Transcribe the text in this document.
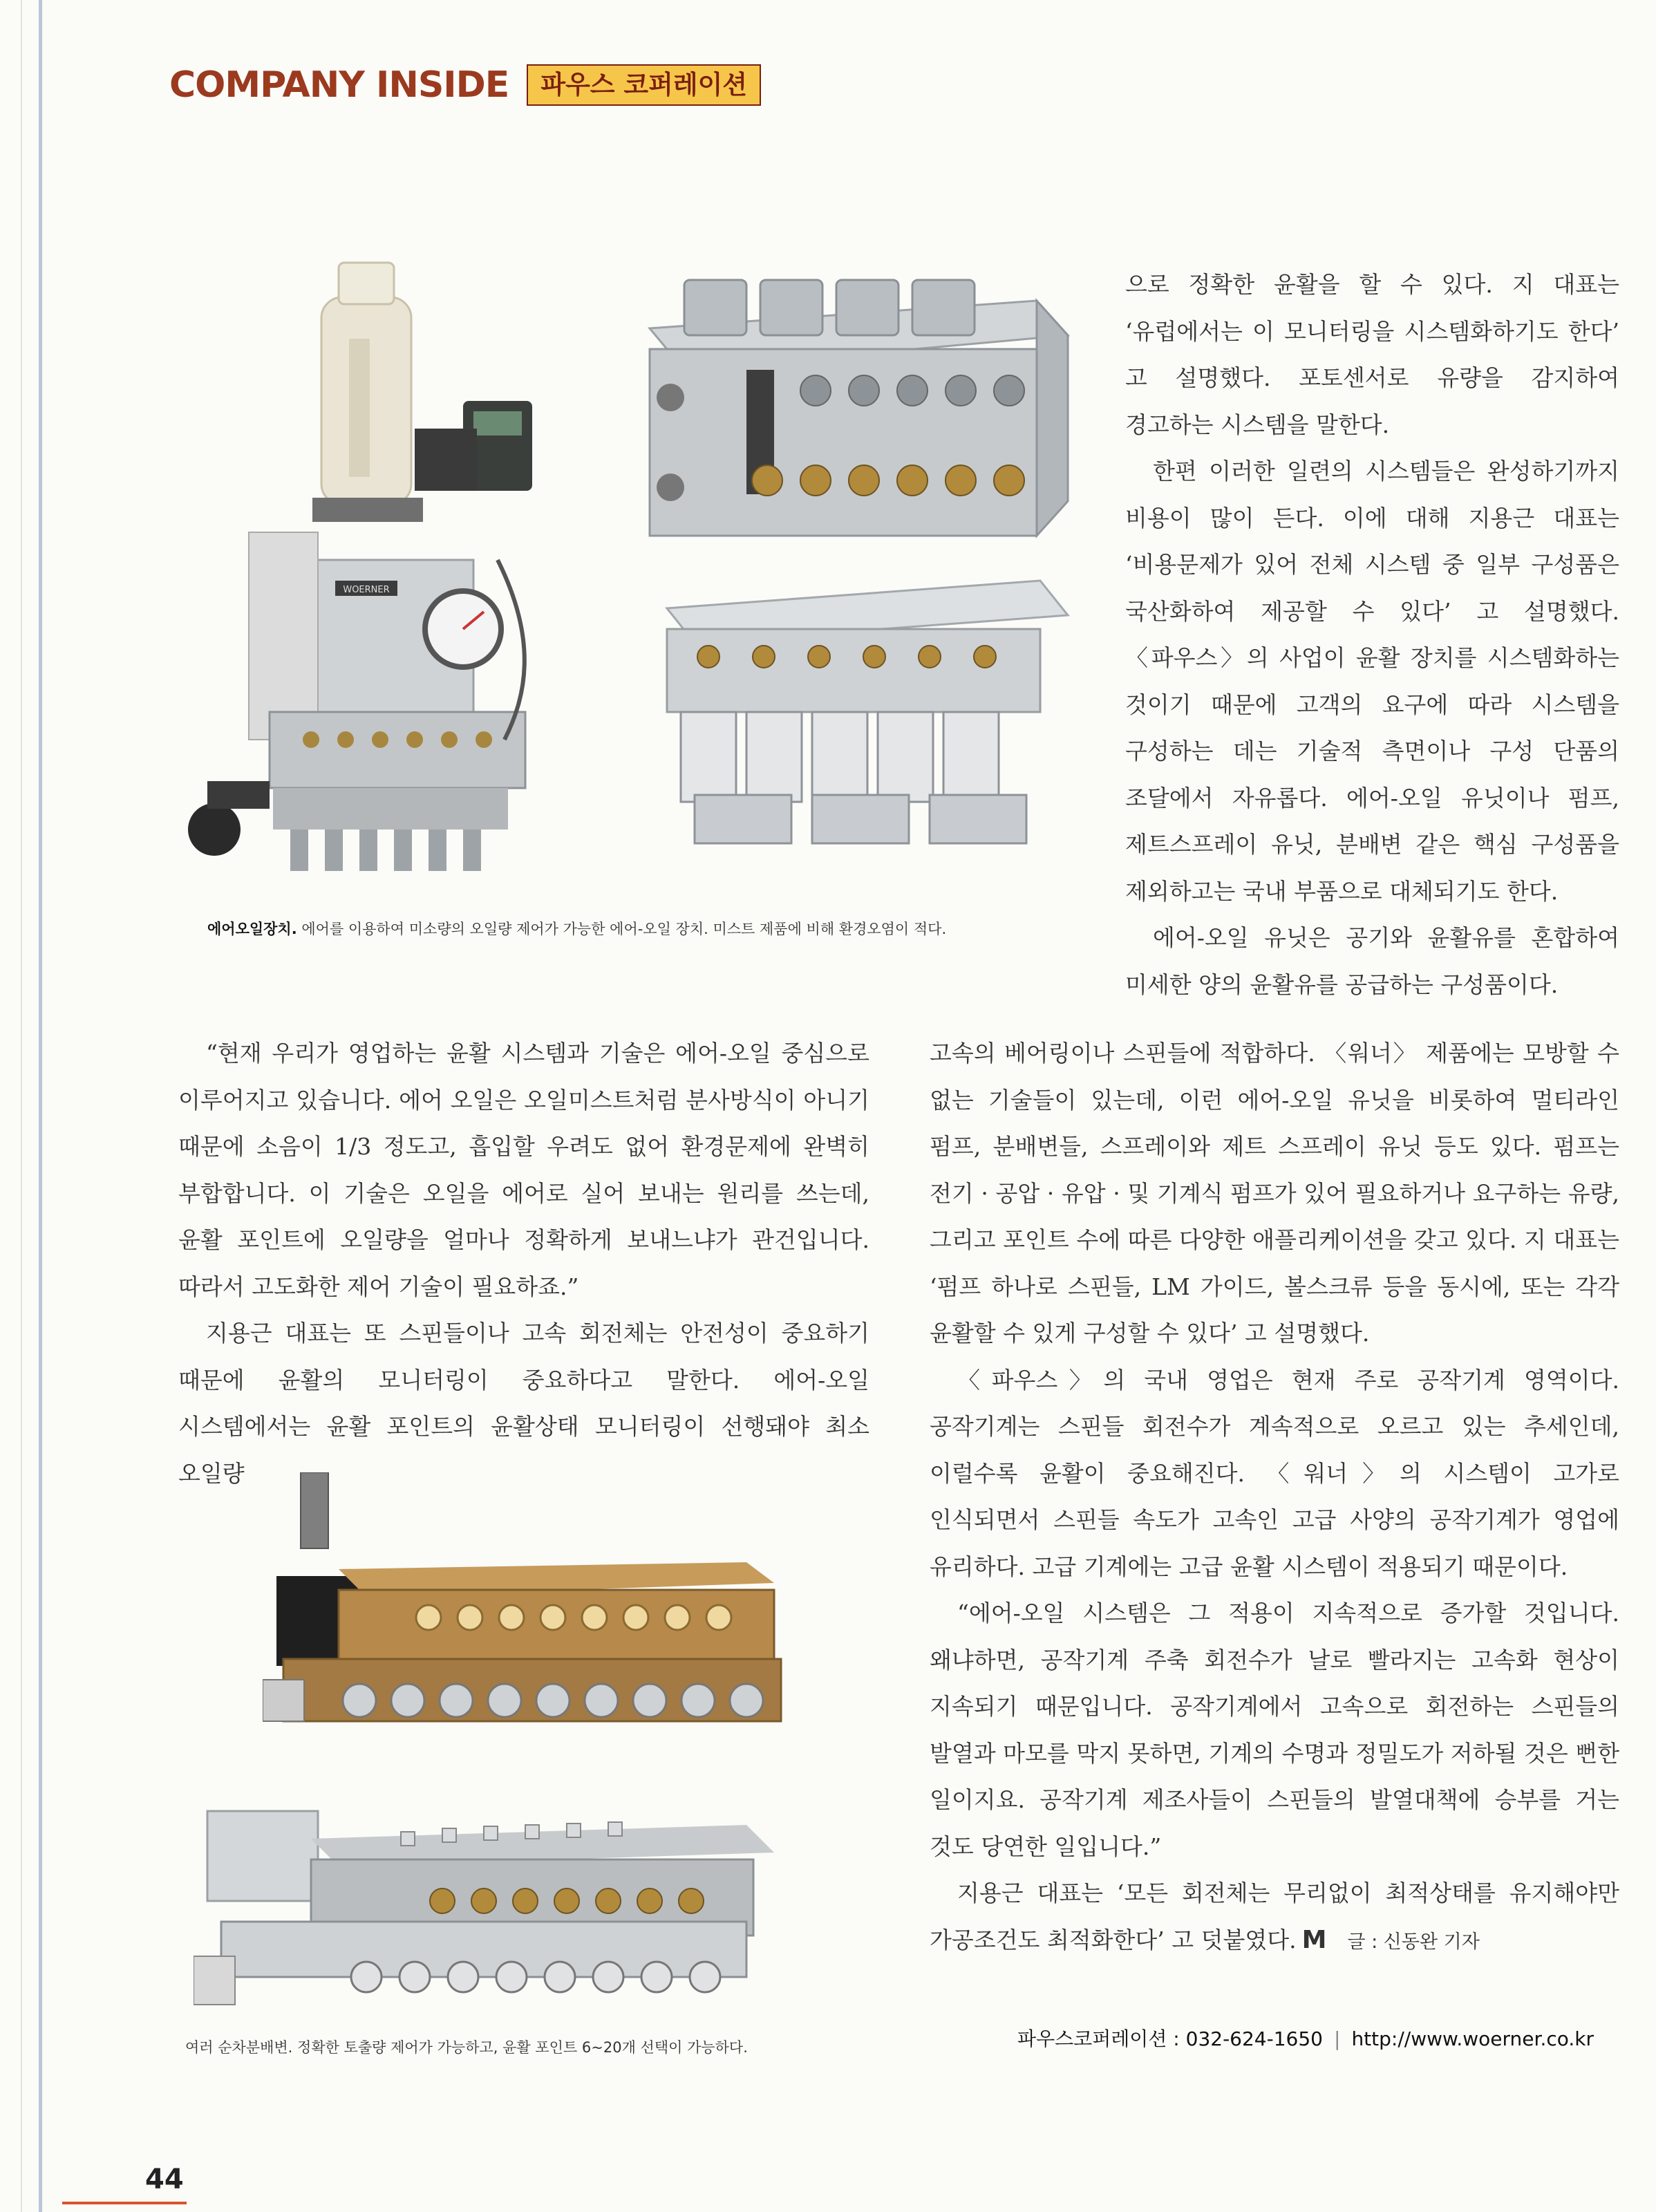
COMPANY INSIDE	파우스 코퍼레이션
WOERNER
에어오일장치. 에어를 이용하여 미소량의 오일량 제어가 가능한 에어-오일 장치. 미스트 제품에 비해 환경오염이 적다.

으로 정확한 윤활을 할 수 있다. 지 대표는 ‘유럽에서는 이 모니터링을 시스템화하기도 한다’ 고 설명했다. 포토센서로 유량을 감지하여 경고하는 시스템을 말한다.

한편 이러한 일련의 시스템들은 완성하기까지 비용이 많이 든다. 이에 대해 지용근 대표는 ‘비용문제가 있어 전체 시스템 중 일부 구성품은 국산화하여 제공할 수 있다’ 고 설명했다. 〈파우스〉의 사업이 윤활 장치를 시스템화하는 것이기 때문에 고객의 요구에 따라 시스템을 구성하는 데는 기술적 측면이나 구성 단품의 조달에서 자유롭다. 에어-오일 유닛이나 펌프, 제트스프레이 유닛, 분배변 같은 핵심 구성품을 제외하고는 국내 부품으로 대체되기도 한다.

에어-오일 유닛은 공기와 윤활유를 혼합하여 미세한 양의 윤활유를 공급하는 구성품이다.

“현재 우리가 영업하는 윤활 시스템과 기술은 에어-오일 중심으로 이루어지고 있습니다. 에어 오일은 오일미스트처럼 분사방식이 아니기 때문에 소음이 1/3 정도고, 흡입할 우려도 없어 환경문제에 완벽히 부합합니다. 이 기술은 오일을 에어로 실어 보내는 원리를 쓰는데, 윤활 포인트에 오일량을 얼마나 정확하게 보내느냐가 관건입니다. 따라서 고도화한 제어 기술이 필요하죠.”

지용근 대표는 또 스핀들이나 고속 회전체는 안전성이 중요하기 때문에 윤활의 모니터링이 중요하다고 말한다. 에어-오일 시스템에서는 윤활 포인트의 윤활상태 모니터링이 선행돼야 최소 오일량

고속의 베어링이나 스핀들에 적합하다. 〈워너〉 제품에는 모방할 수 없는 기술들이 있는데, 이런 에어-오일 유닛을 비롯하여 멀티라인 펌프, 분배변들, 스프레이와 제트 스프레이 유닛 등도 있다. 펌프는 전기 · 공압 · 유압 · 및 기계식 펌프가 있어 필요하거나 요구하는 유량, 그리고 포인트 수에 따른 다양한 애플리케이션을 갖고 있다. 지 대표는 ‘펌프 하나로 스핀들, LM 가이드, 볼스크류 등을 동시에, 또는 각각 윤활할 수 있게 구성할 수 있다’ 고 설명했다.

〈파우스〉의 국내 영업은 현재 주로 공작기계 영역이다. 공작기계는 스핀들 회전수가 계속적으로 오르고 있는 추세인데, 이럴수록 윤활이 중요해진다. 〈워너〉의 시스템이 고가로 인식되면서 스핀들 속도가 고속인 고급 사양의 공작기계가 영업에 유리하다. 고급 기계에는 고급 윤활 시스템이 적용되기 때문이다.

“에어-오일 시스템은 그 적용이 지속적으로 증가할 것입니다. 왜냐하면, 공작기계 주축 회전수가 날로 빨라지는 고속화 현상이 지속되기 때문입니다. 공작기계에서 고속으로 회전하는 스핀들의 발열과 마모를 막지 못하면, 기계의 수명과 정밀도가 저하될 것은 뻔한 일이지요. 공작기계 제조사들이 스핀들의 발열대책에 승부를 거는 것도 당연한 일입니다.”

지용근 대표는 ‘모든 회전체는 무리없이 최적상태를 유지해야만 가공조건도 최적화한다’ 고 덧붙였다. M 글 : 신동완 기자

여러 순차분배변. 정확한 토출량 제어가 가능하고, 윤활 포인트 6~20개 선택이 가능하다.	파우스코퍼레이션 : 032-624-1650 | http://www.woerner.co.kr
44
